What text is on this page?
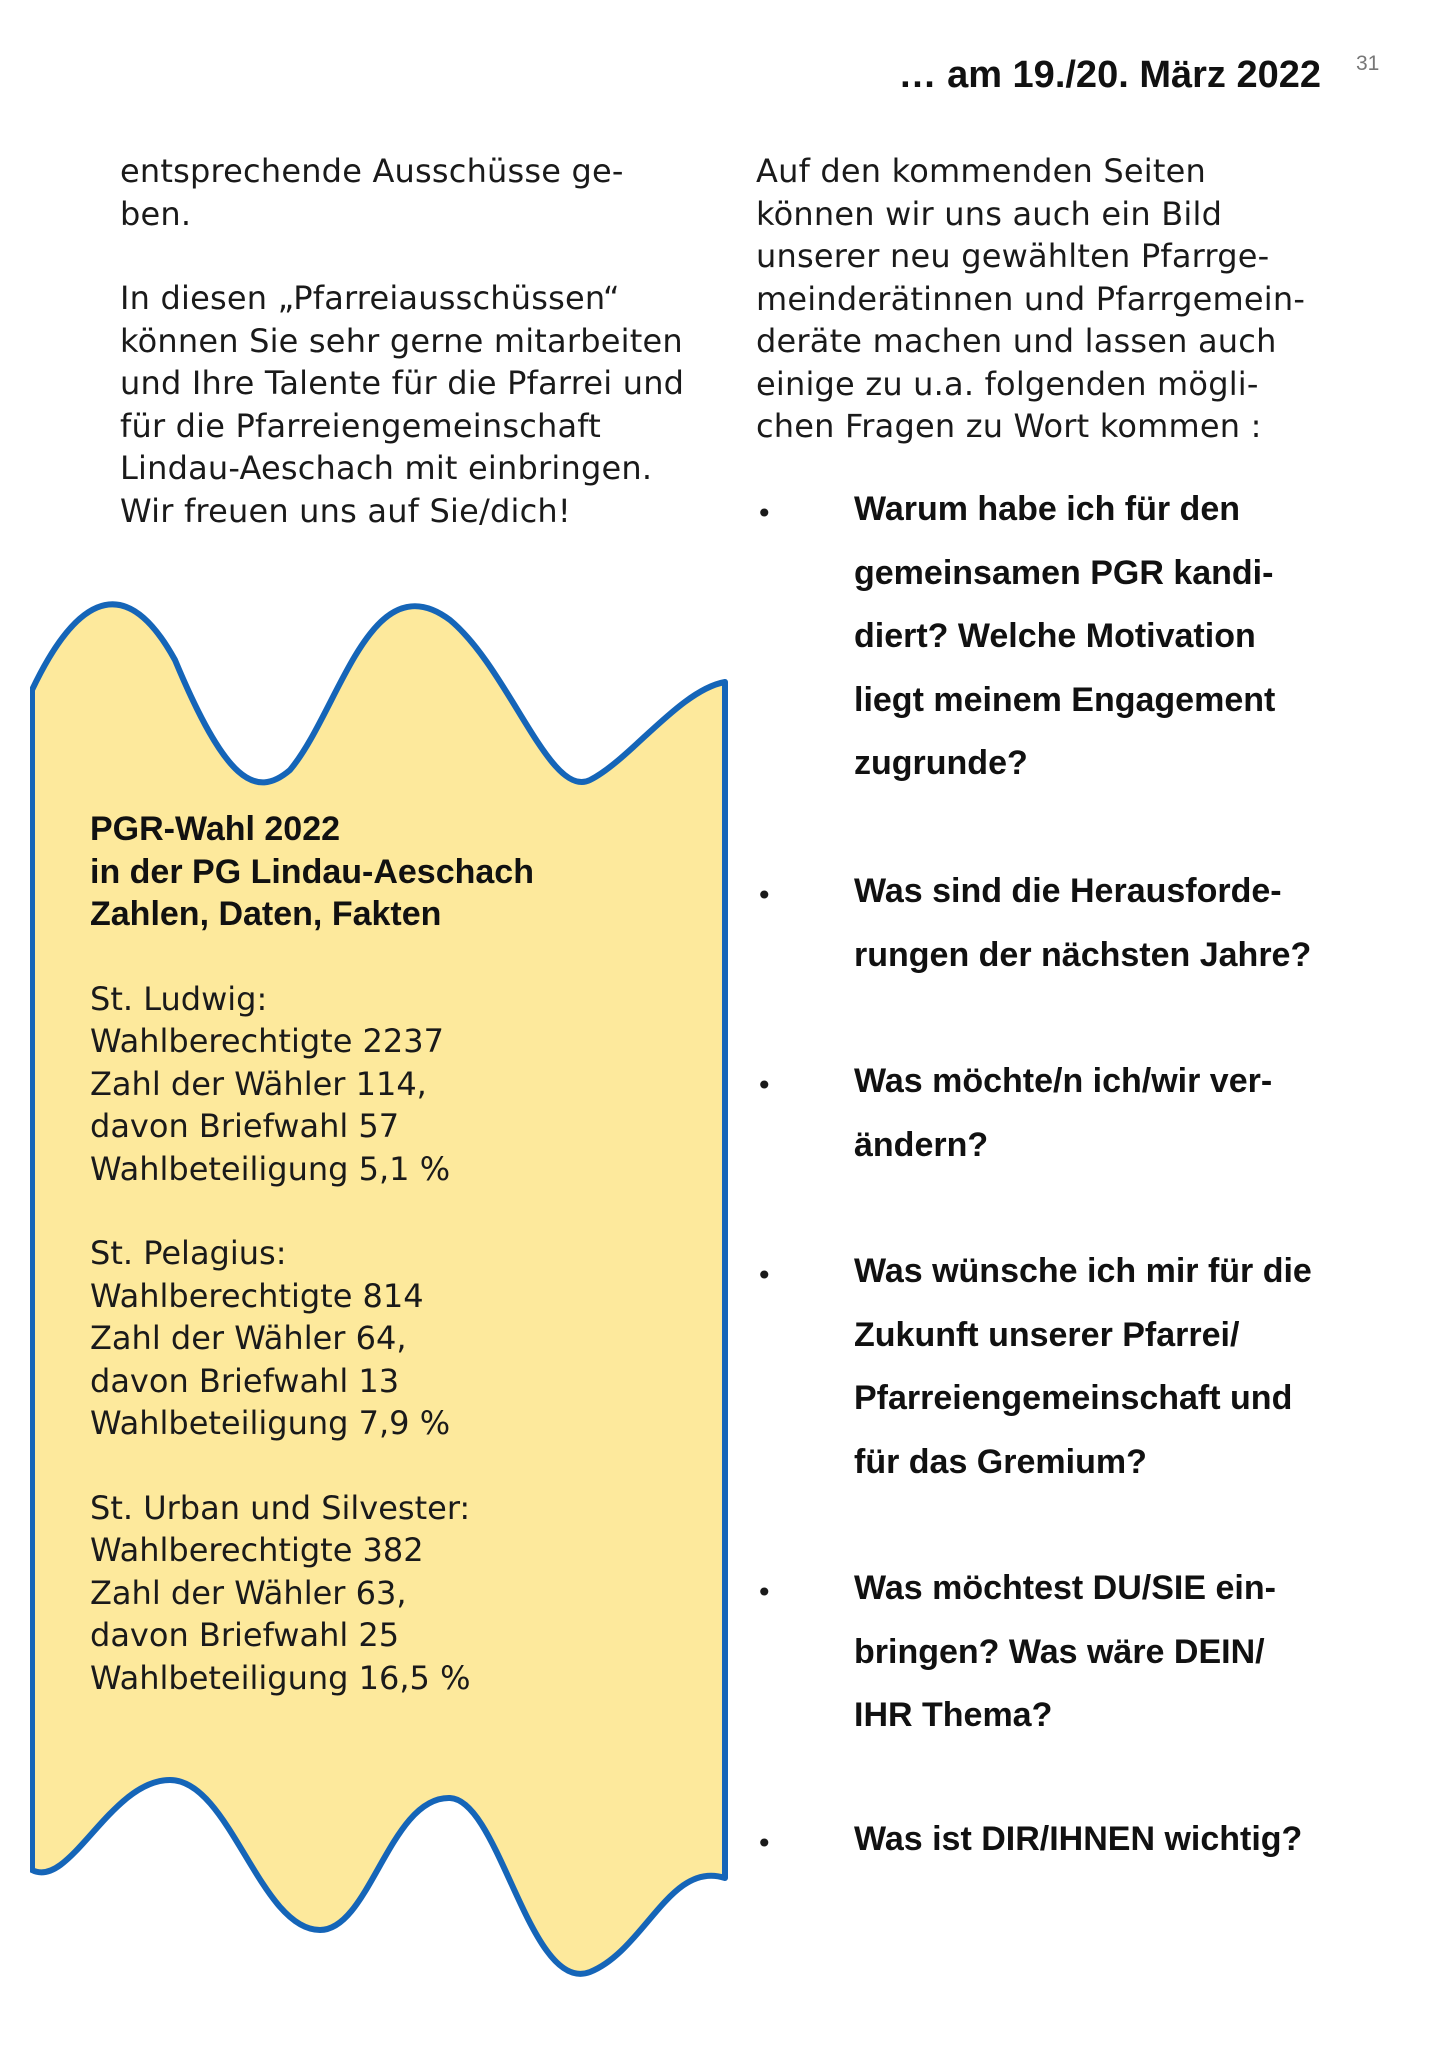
31
… am 19./20. März 2022

entsprechende Ausschüsse ge-
ben.

In diesen „Pfarreiausschüssen“
können Sie sehr gerne mitarbeiten
und Ihre Talente für die Pfarrei und
für die Pfarreiengemeinschaft
Lindau-Aeschach mit einbringen.
Wir freuen uns auf Sie/dich!

Auf den kommenden Seiten
können wir uns auch ein Bild
unserer neu gewählten Pfarrge-
meinderätinnen und Pfarrgemein-
deräte machen und lassen auch
einige zu u.a. folgenden mögli-
chen Fragen zu Wort kommen :

PGR-Wahl 2022
in der PG Lindau-Aeschach
Zahlen, Daten, Fakten

St. Ludwig:
Wahlberechtigte 2237
Zahl der Wähler 114,
davon Briefwahl 57
Wahlbeteiligung 5,1 %

St. Pelagius:
Wahlberechtigte 814
Zahl der Wähler 64,
davon Briefwahl 13
Wahlbeteiligung 7,9 %

St. Urban und Silvester:
Wahlberechtigte 382
Zahl der Wähler 63,
davon Briefwahl 25
Wahlbeteiligung 16,5 %

• Warum habe ich für den
gemeinsamen PGR kandi-
diert? Welche Motivation
liegt meinem Engagement
zugrunde?

• Was sind die Herausforde-
rungen der nächsten Jahre?

• Was möchte/n ich/wir ver-
ändern?

• Was wünsche ich mir für die
Zukunft unserer Pfarrei/
Pfarreiengemeinschaft und
für das Gremium?

• Was möchtest DU/SIE ein-
bringen? Was wäre DEIN/
IHR Thema?

• Was ist DIR/IHNEN wichtig?
